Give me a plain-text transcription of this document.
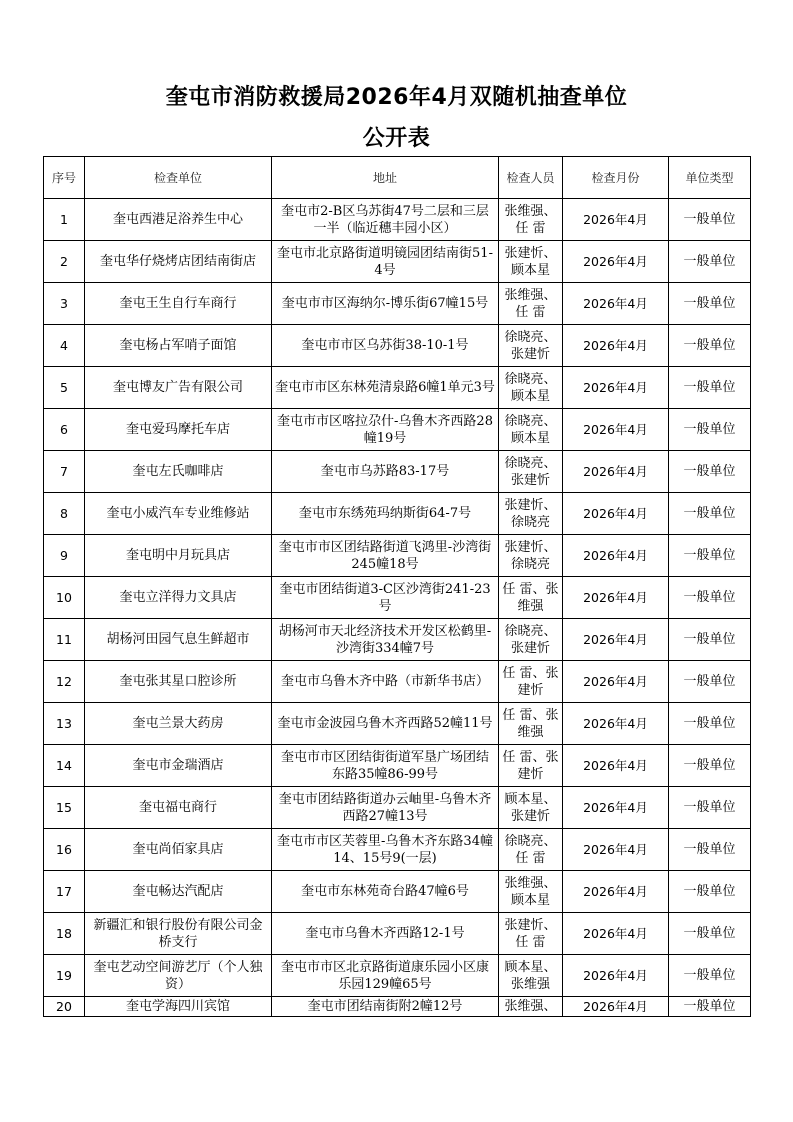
奎屯市消防救援局2026年4月双随机抽查单位
公开表
序号	检查单位	地址	检查人员	检查月份	单位类型
1	奎屯西港足浴养生中心	奎屯市2-B区乌苏街47号二层和三层一半（临近穗丰园小区）	张维强、任 雷	2026年4月	一般单位
2	奎屯华仔烧烤店团结南街店	奎屯市北京路街道明镜园团结南街51-4号	张建忻、顾本星	2026年4月	一般单位
3	奎屯王生自行车商行	奎屯市市区海纳尔-博乐街67幢15号	张维强、任 雷	2026年4月	一般单位
4	奎屯杨占军哨子面馆	奎屯市市区乌苏街38-10-1号	徐晓亮、张建忻	2026年4月	一般单位
5	奎屯博友广告有限公司	奎屯市市区东林苑清泉路6幢1单元3号	徐晓亮、顾本星	2026年4月	一般单位
6	奎屯爱玛摩托车店	奎屯市市区喀拉尕什-乌鲁木齐西路28幢19号	徐晓亮、顾本星	2026年4月	一般单位
7	奎屯左氏咖啡店	奎屯市乌苏路83-17号	徐晓亮、张建忻	2026年4月	一般单位
8	奎屯小威汽车专业维修站	奎屯市东绣苑玛纳斯街64-7号	张建忻、徐晓亮	2026年4月	一般单位
9	奎屯明中月玩具店	奎屯市市区团结路街道飞鸿里-沙湾街245幢18号	张建忻、徐晓亮	2026年4月	一般单位
10	奎屯立洋得力文具店	奎屯市团结街道3-C区沙湾街241-23号	任 雷、张维强	2026年4月	一般单位
11	胡杨河田园气息生鲜超市	胡杨河市天北经济技术开发区松鹤里-沙湾街334幢7号	徐晓亮、张建忻	2026年4月	一般单位
12	奎屯张其星口腔诊所	奎屯市乌鲁木齐中路（市新华书店）	任 雷、张建忻	2026年4月	一般单位
13	奎屯兰景大药房	奎屯市金波园乌鲁木齐西路52幢11号	任 雷、张维强	2026年4月	一般单位
14	奎屯市金瑞酒店	奎屯市市区团结街街道军垦广场团结东路35幢86-99号	任 雷、张建忻	2026年4月	一般单位
15	奎屯福屯商行	奎屯市团结路街道办云岫里-乌鲁木齐西路27幢13号	顾本星、张建忻	2026年4月	一般单位
16	奎屯尚佰家具店	奎屯市市区芙蓉里-乌鲁木齐东路34幢14、15号9(一层)	徐晓亮、任 雷	2026年4月	一般单位
17	奎屯畅达汽配店	奎屯市东林苑奇台路47幢6号	张维强、顾本星	2026年4月	一般单位
18	新疆汇和银行股份有限公司金桥支行	奎屯市乌鲁木齐西路12-1号	张建忻、任 雷	2026年4月	一般单位
19	奎屯艺动空间游艺厅（个人独资）	奎屯市市区北京路街道康乐园小区康乐园129幢65号	顾本星、张维强	2026年4月	一般单位
20	奎屯学海四川宾馆	奎屯市团结南街附2幢12号	张维强、	2026年4月	一般单位
